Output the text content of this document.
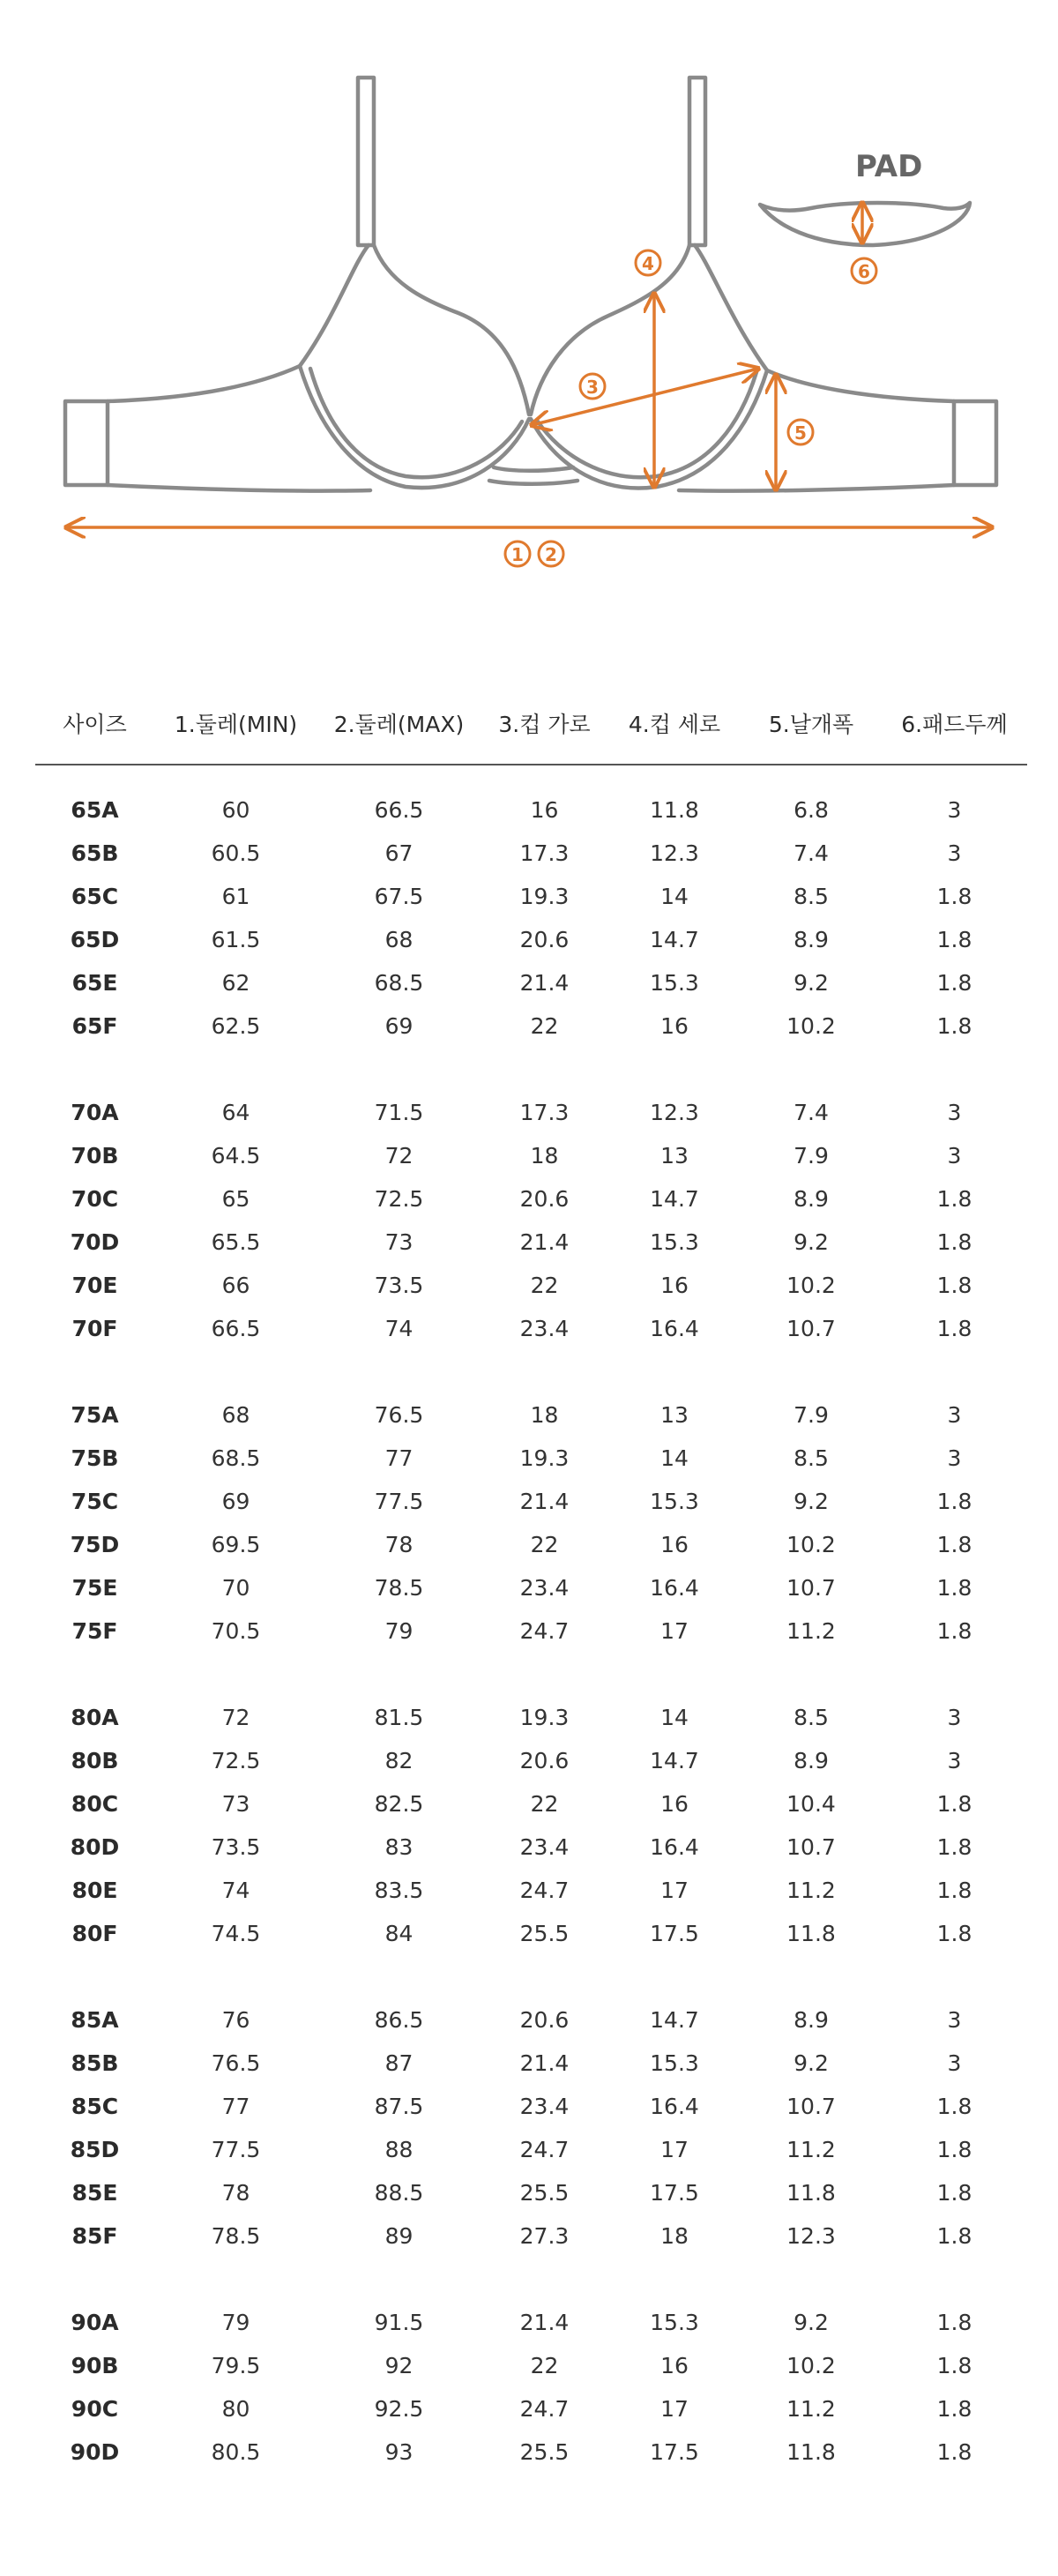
PAD
1 2
3
4
5
6
사이즈	1.둘레(MIN)	2.둘레(MAX)	3.컵 가로	4.컵 세로	5.날개폭	6.패드두께

65A	60	66.5	16	11.8	6.8	3
65B	60.5	67	17.3	12.3	7.4	3
65C	61	67.5	19.3	14	8.5	1.8
65D	61.5	68	20.6	14.7	8.9	1.8
65E	62	68.5	21.4	15.3	9.2	1.8
65F	62.5	69	22	16	10.2	1.8

70A	64	71.5	17.3	12.3	7.4	3
70B	64.5	72	18	13	7.9	3
70C	65	72.5	20.6	14.7	8.9	1.8
70D	65.5	73	21.4	15.3	9.2	1.8
70E	66	73.5	22	16	10.2	1.8
70F	66.5	74	23.4	16.4	10.7	1.8

75A	68	76.5	18	13	7.9	3
75B	68.5	77	19.3	14	8.5	3
75C	69	77.5	21.4	15.3	9.2	1.8
75D	69.5	78	22	16	10.2	1.8
75E	70	78.5	23.4	16.4	10.7	1.8
75F	70.5	79	24.7	17	11.2	1.8

80A	72	81.5	19.3	14	8.5	3
80B	72.5	82	20.6	14.7	8.9	3
80C	73	82.5	22	16	10.4	1.8
80D	73.5	83	23.4	16.4	10.7	1.8
80E	74	83.5	24.7	17	11.2	1.8
80F	74.5	84	25.5	17.5	11.8	1.8

85A	76	86.5	20.6	14.7	8.9	3
85B	76.5	87	21.4	15.3	9.2	3
85C	77	87.5	23.4	16.4	10.7	1.8
85D	77.5	88	24.7	17	11.2	1.8
85E	78	88.5	25.5	17.5	11.8	1.8
85F	78.5	89	27.3	18	12.3	1.8

90A	79	91.5	21.4	15.3	9.2	1.8
90B	79.5	92	22	16	10.2	1.8
90C	80	92.5	24.7	17	11.2	1.8
90D	80.5	93	25.5	17.5	11.8	1.8
